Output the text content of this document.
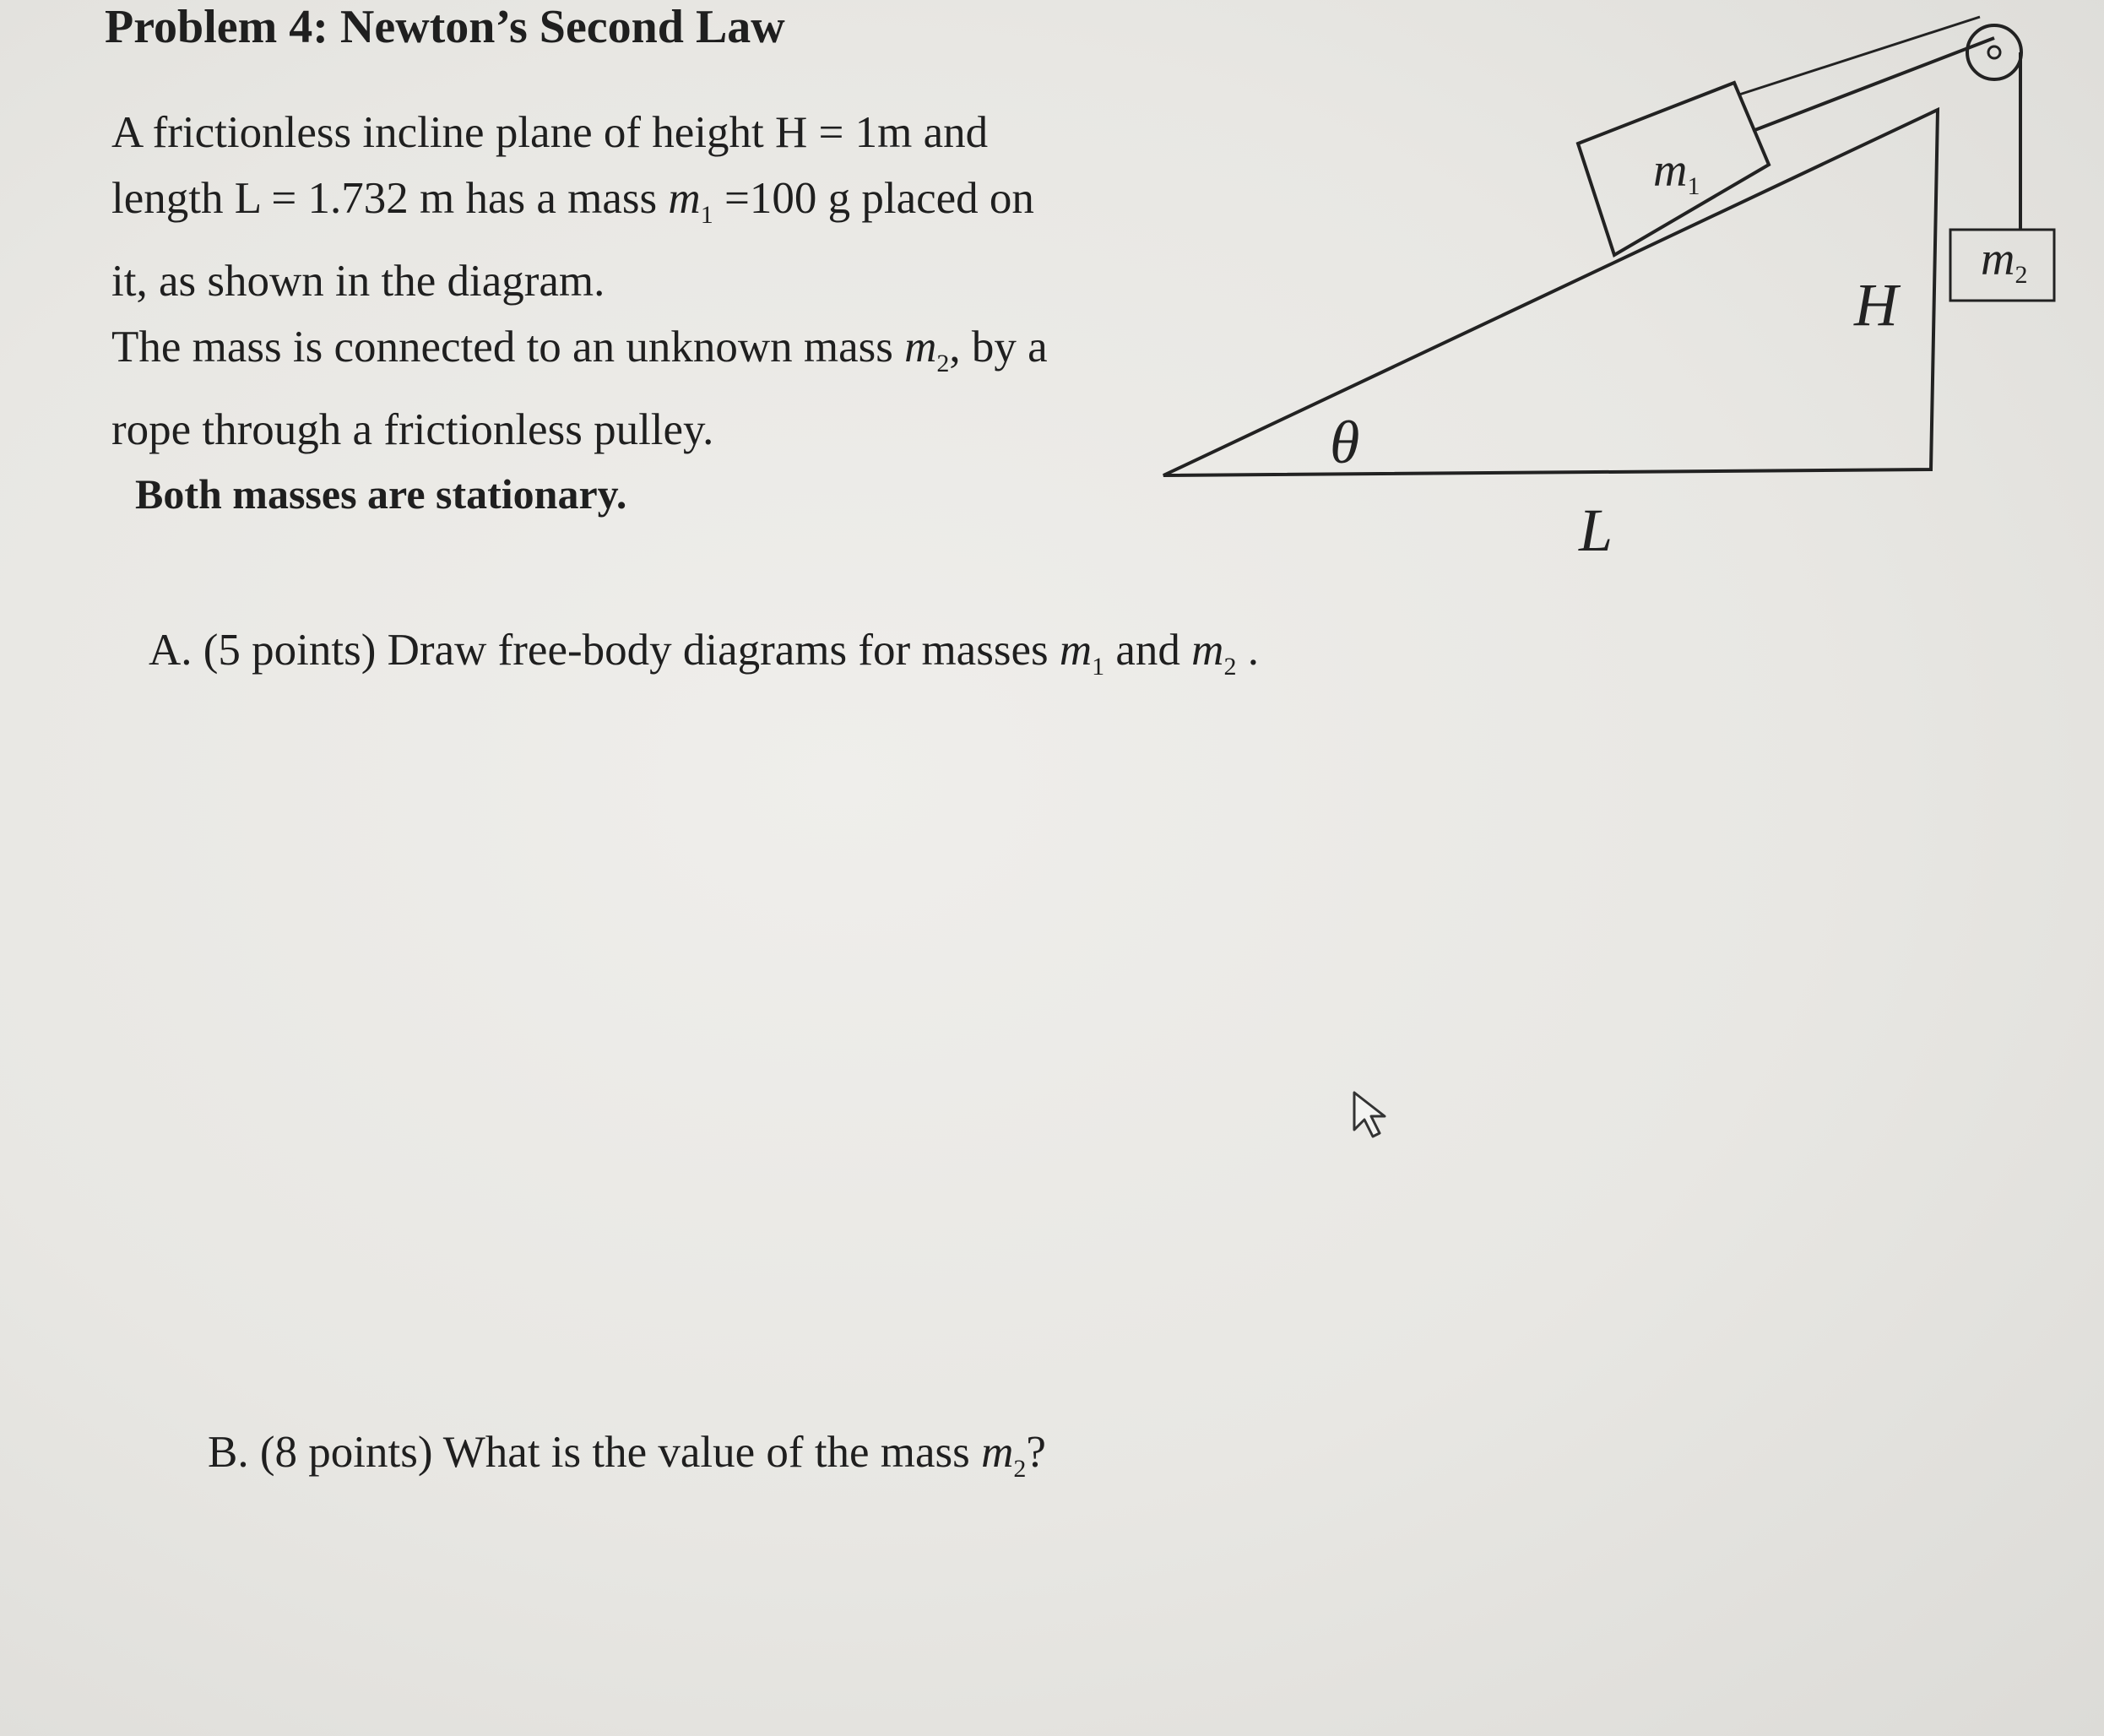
Problem 4: Newton’s Second Law
A frictionless incline plane of height H = 1m and
length L = 1.732 m has a mass $m_1 =100$ g placed on
it, as shown in the diagram.
The mass is connected to an unknown mass $m_2$, by a
rope through a frictionless pulley.
Both masses are stationary.
A. (5 points) Draw free-body diagrams for masses $m_1$ and $m_2$ .
B. (8 points) What is the value of the mass $m_2$?
m1
m2
H
L
θ
